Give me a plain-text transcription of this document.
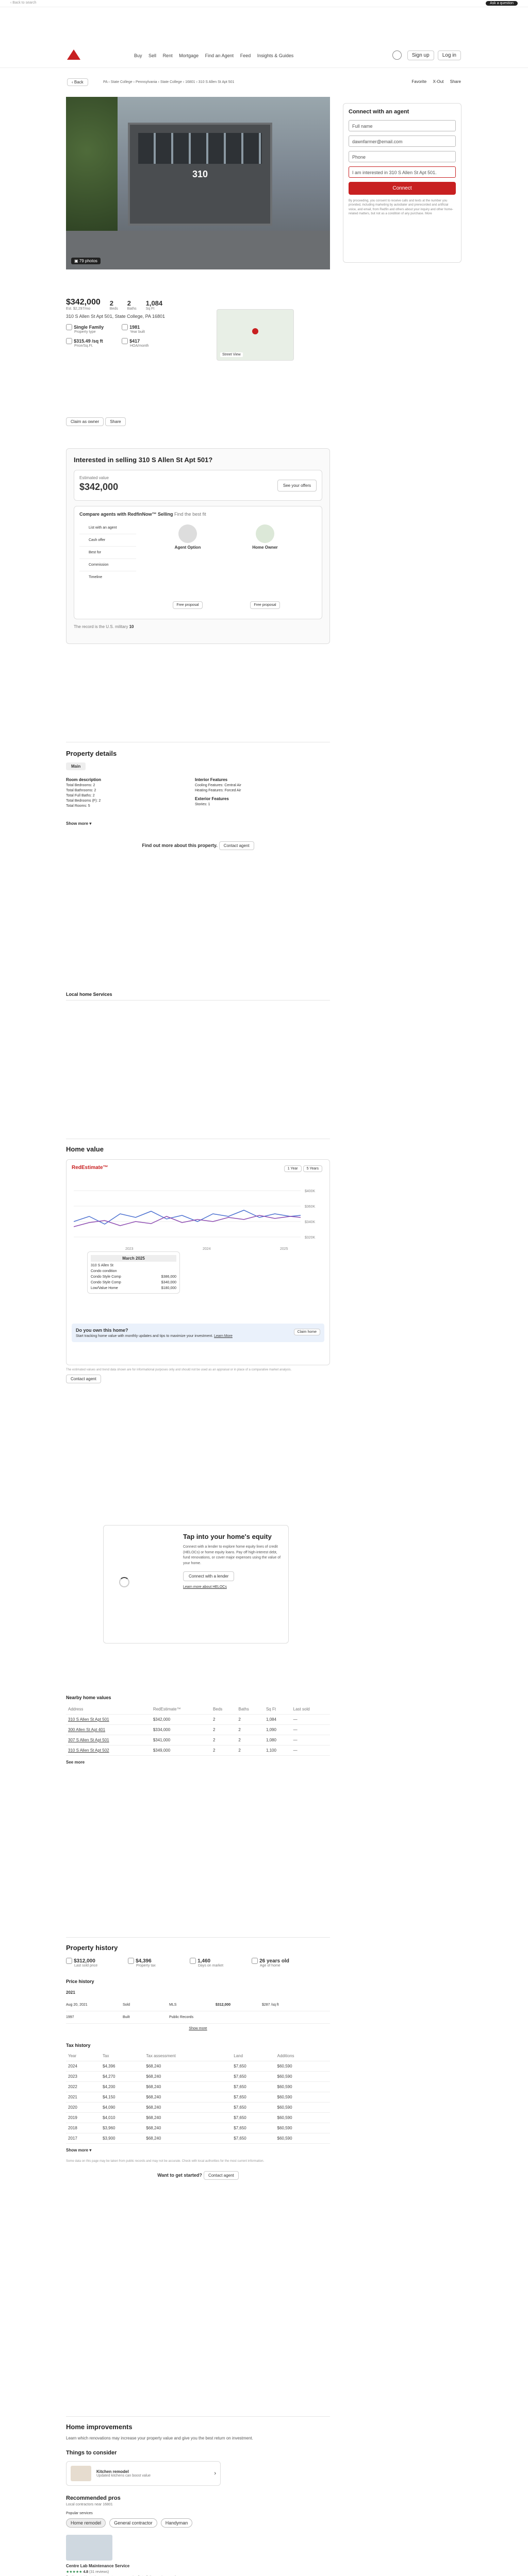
‹ Back to search	Ask a question
Buy Sell Rent Mortgage Find an Agent Feed Insights & Guides	Sign up	Log in
‹ Back	PA › State College › Pennsylvania › State College › 16801 › 310 S Allen St Apt 501	Favorite X-Out Share
310
▣ 79 photos
Connect with an agent
Full name
dawnfarmer@email.com
Phone
I am interested in 310 S Allen St Apt 501.
Connect

By proceeding, you consent to receive calls and texts at the number you provided, including marketing by autodialer and prerecorded and artificial voice, and email, from Redfin and others about your inquiry and other home-related matters, but not as a condition of any purchase. More

$342,000
Est. $2,297/mo
2
Beds
2
Baths
1,084
Sq Ft
310 S Allen St Apt 501, State College, PA 16801
Single Family
Property type
1981
Year built
$315.49 /sq ft
Price/Sq.Ft.
$417
HOA/month
Street View
Claim as owner	Share
Interested in selling 310 S Allen St Apt 501?
Estimated value
$342,000	See your offers
Compare agents with RedfinNow™ Selling Find the best fit
List with an agent
Cash offer
Best for
Commission
Timeline
Agent Option
Free proposal
Home Owner
Free proposal
The record is the U.S. military 10
Property details
Main
Room description
Total Bedrooms: 2
Total Bathrooms: 2
Total Full Baths: 2
Total Bedrooms (F): 2
Total Rooms: 5
Interior Features
Cooling Features: Central Air
Heating Features: Forced Air
Exterior Features
Stories: 1
Show more ▾
Find out more about this property. Contact agent
Local home Services
Home value
RedEstimate™	1 Year 5 Years
$400K
$360K
$340K
$320K
2023	2024	2025
March 2025
310 S Allen St
Condo condition
Condo Style Comp	$386,000
Condo Style Comp	$340,000
Low/Value Home	$180,000
Do you own this home?
Start tracking home value with monthly updates and tips to maximize your investment. Learn More
Claim home

The estimated values and trend data shown are for informational purposes only and should not be used as an appraisal or in place of a comparative market analysis.

Contact agent
Tap into your home's equity

Connect with a lender to explore home equity lines of credit (HELOCs) or home equity loans. Pay off high-interest debt, fund renovations, or cover major expenses using the value of your home.

Connect with a lender
Learn more about HELOCs
Nearby home values
Address	RedEstimate™	Beds	Baths	Sq Ft	Last sold
310 S Allen St Apt 501	$342,000	2	2	1,084	—
300 Allen St Apt 401	$334,000	2	2	1,090	—
307 S Allen St Apt 501	$341,000	2	2	1,080	—
310 S Allen St Apt 502	$349,000	2	2	1,100	—
See more
Property history
$312,000
Last sold price
$4,396
Property tax
1,460
Days on market
26 years old
Age of home
Price history
2021
Aug 20, 2021	Sold	MLS	$312,000	$287 /sq ft
1997	Built	Public Records
Show more
Tax history
Year	Tax	Tax assessment	Land	Additions
2024	$4,396	$68,240	$7,650	$60,590
2023	$4,270	$68,240	$7,650	$60,590
2022	$4,200	$68,240	$7,650	$60,590
2021	$4,150	$68,240	$7,650	$60,590
2020	$4,090	$68,240	$7,650	$60,590
2019	$4,010	$68,240	$7,650	$60,590
2018	$3,960	$68,240	$7,650	$60,590
2017	$3,900	$68,240	$7,650	$60,590
Show more ▾

Some data on this page may be taken from public records and may not be accurate. Check with local authorities for the most current information.

Want to get started? Contact agent
Home improvements

Learn which renovations may increase your property value and give you the best return on investment.

Things to consider
Kitchen remodel
Updated kitchens can boost value	›
Recommended pros
Local contractors near 16801
Popular services
Home remodel	General contractor	Handyman
Centre Lab Maintenance Service
★★★★★ 4.8 (31 reviews)
